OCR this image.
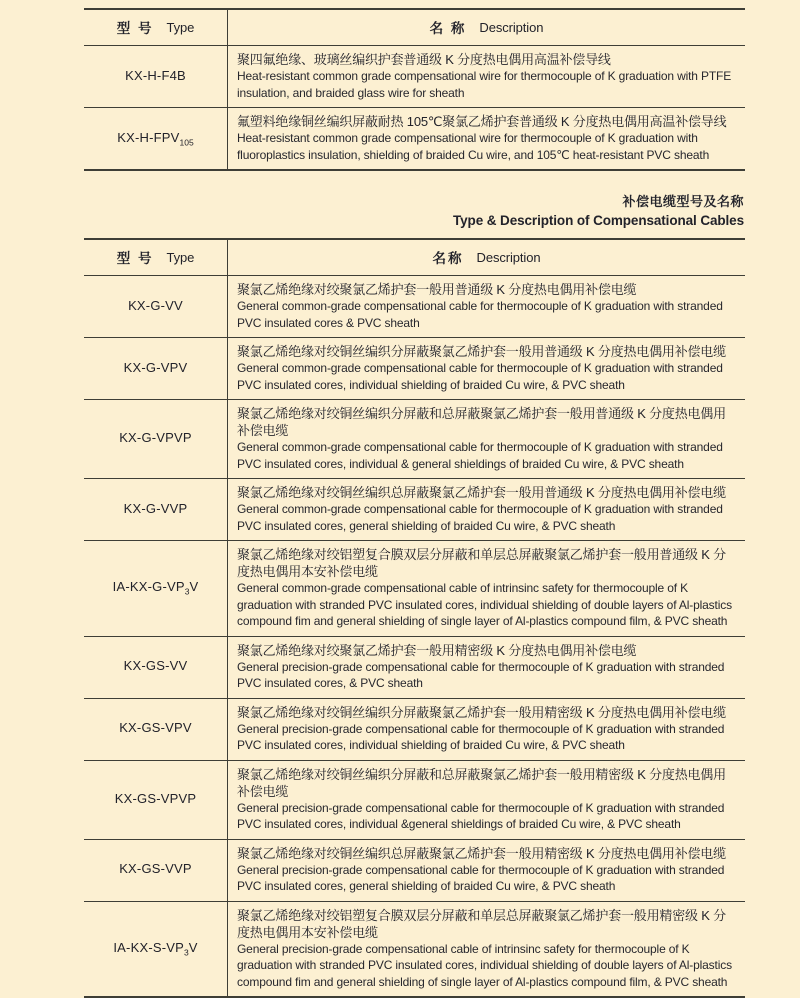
型 号 Type	名 称 Description
KX-H-F4B
聚四氟绝缘、玻璃丝编织护套普通级 K 分度热电偶用高温补偿导线
Heat-resistant common grade compensational wire for thermocouple of K graduation with PTFE insulation, and braided glass wire for sheath
$KX-H-FPV_{105}$
氟塑料绝缘铜丝编织屏蔽耐热 105℃聚氯乙烯护套普通级 K 分度热电偶用高温补偿导线
Heat-resistant common grade compensational wire for thermocouple of K graduation with fluoroplastics insulation, shielding of braided Cu wire, and 105℃ heat-resistant PVC sheath
补偿电缆型号及名称
Type & Description of Compensational Cables
型 号 Type	名称 Description
KX-G-VV
聚氯乙烯绝缘对绞聚氯乙烯护套一般用普通级 K 分度热电偶用补偿电缆
General common-grade compensational cable for thermocouple of K graduation with stranded PVC insulated cores & PVC sheath
KX-G-VPV
聚氯乙烯绝缘对绞铜丝编织分屏蔽聚氯乙烯护套一般用普通级 K 分度热电偶用补偿电缆
General common-grade compensational cable for thermocouple of K graduation with stranded PVC insulated cores, individual shielding of braided Cu wire, & PVC sheath
KX-G-VPVP
聚氯乙烯绝缘对绞铜丝编织分屏蔽和总屏蔽聚氯乙烯护套一般用普通级 K 分度热电偶用补偿电缆
General common-grade compensational cable for thermocouple of K graduation with stranded PVC insulated cores, individual & general shieldings of braided Cu wire, & PVC sheath
KX-G-VVP
聚氯乙烯绝缘对绞铜丝编织总屏蔽聚氯乙烯护套一般用普通级 K 分度热电偶用补偿电缆
General common-grade compensational cable for thermocouple of K graduation with stranded PVC insulated cores, general shielding of braided Cu wire, & PVC sheath
$IA-KX-G-VP_3V$
聚氯乙烯绝缘对绞铝塑复合膜双层分屏蔽和单层总屏蔽聚氯乙烯护套一般用普通级 K 分度热电偶用本安补偿电缆
General common-grade compensational cable of intrinsinc safety for thermocouple of K graduation with stranded PVC insulated cores, individual shielding of double layers of Al-plastics compound fim and general shielding of single layer of Al-plastics compound film, & PVC sheath
KX-GS-VV
聚氯乙烯绝缘对绞聚氯乙烯护套一般用精密级 K 分度热电偶用补偿电缆
General precision-grade compensational cable for thermocouple of K graduation with stranded PVC insulated cores, & PVC sheath
KX-GS-VPV
聚氯乙烯绝缘对绞铜丝编织分屏蔽聚氯乙烯护套一般用精密级 K 分度热电偶用补偿电缆
General precision-grade compensational cable for thermocouple of K graduation with stranded PVC insulated cores, individual shielding of braided Cu wire, & PVC sheath
KX-GS-VPVP
聚氯乙烯绝缘对绞铜丝编织分屏蔽和总屏蔽聚氯乙烯护套一般用精密级 K 分度热电偶用补偿电缆
General precision-grade compensational cable for thermocouple of K graduation with stranded PVC insulated cores, individual &general shieldings of braided Cu wire, & PVC sheath
KX-GS-VVP
聚氯乙烯绝缘对绞铜丝编织总屏蔽聚氯乙烯护套一般用精密级 K 分度热电偶用补偿电缆
General precision-grade compensational cable for thermocouple of K graduation with stranded PVC insulated cores, general shielding of braided Cu wire, & PVC sheath
$IA-KX-S-VP_3V$
聚氯乙烯绝缘对绞铝塑复合膜双层分屏蔽和单层总屏蔽聚氯乙烯护套一般用精密级 K 分度热电偶用本安补偿电缆
General precision-grade compensational cable of intrinsinc safety for thermocouple of K graduation with stranded PVC insulated cores, individual shielding of double layers of Al-plastics compound fim and general shielding of single layer of Al-plastics compound film, & PVC sheath
